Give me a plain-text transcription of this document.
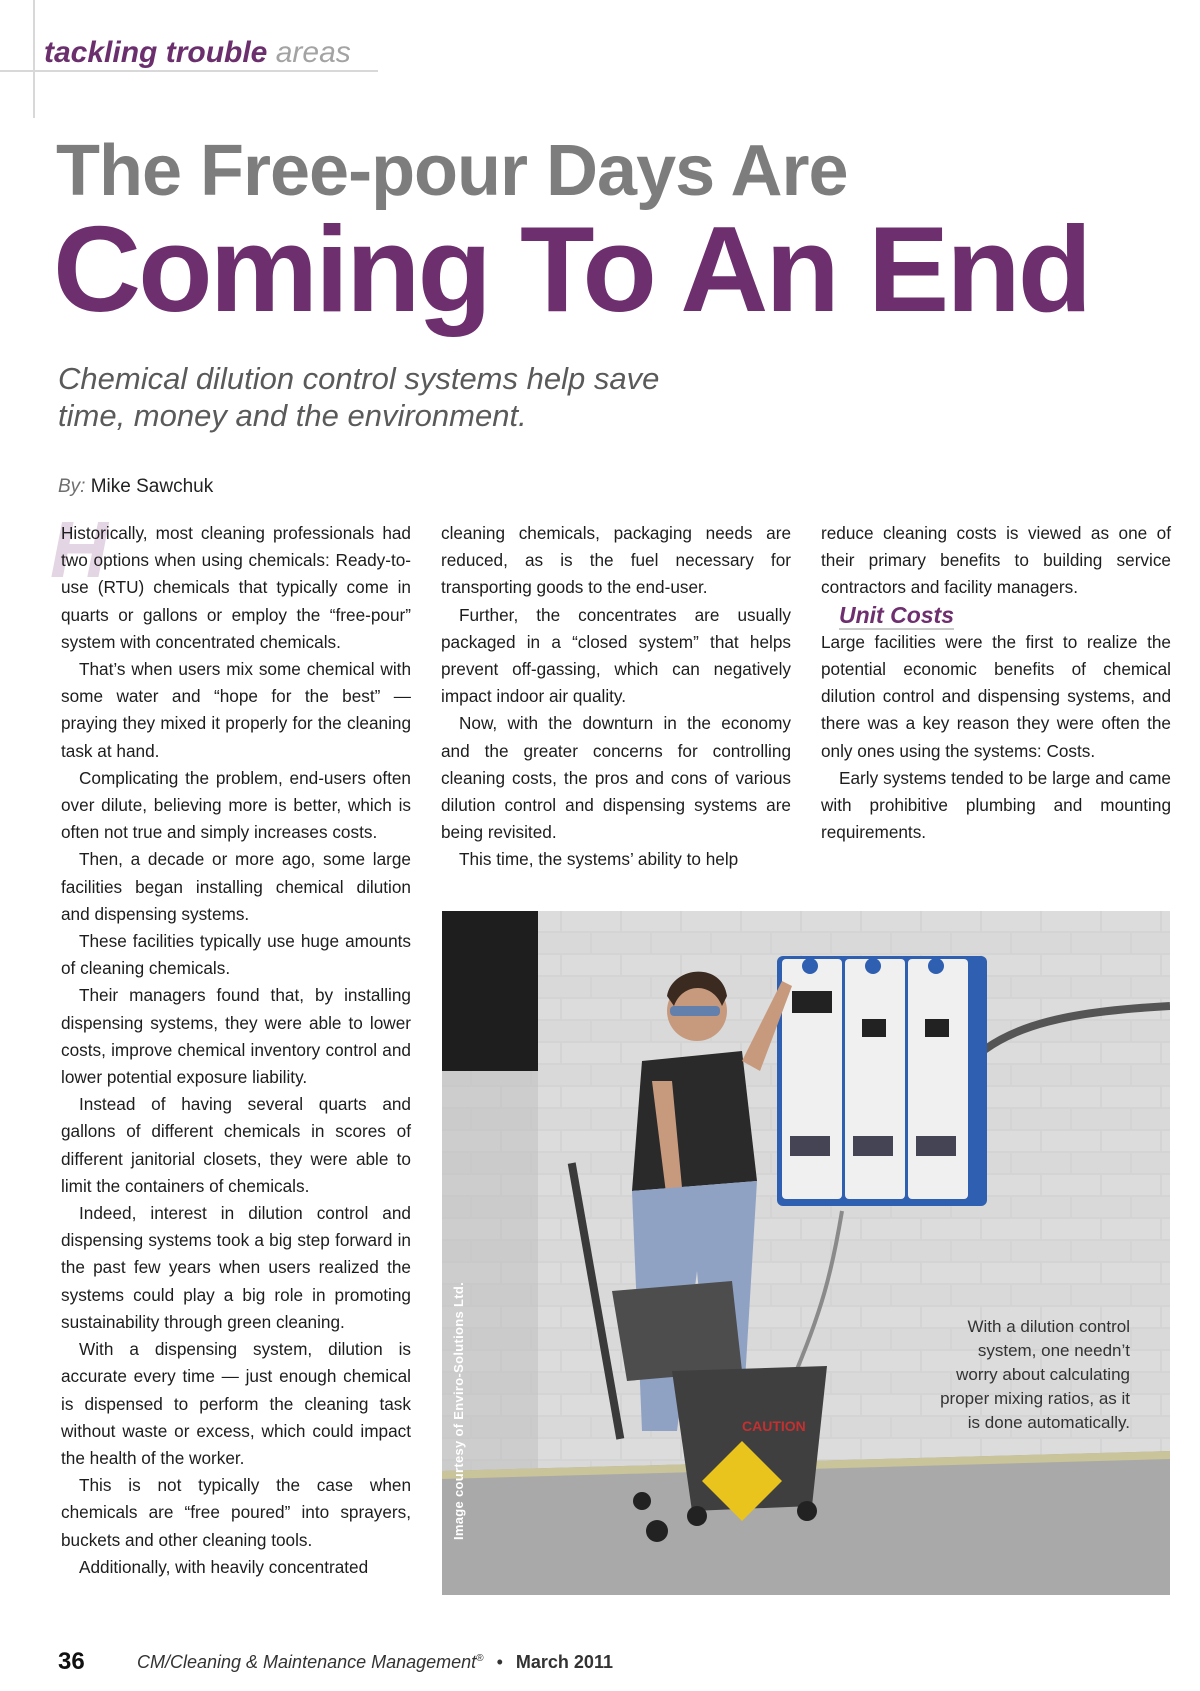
tackling trouble areas
The Free-pour Days Are
Coming To An End
Chemical dilution control systems help save
time, money and the environment.
By: Mike Sawchuk
H

Historically, most cleaning professionals had two options when using chemicals: Ready-to-use (RTU) chemicals that typically come in quarts or gallons or employ the “free-pour” system with concentrated chemicals.

That’s when users mix some chemical with some water and “hope for the best” — praying they mixed it properly for the cleaning task at hand.

Complicating the problem, end-users often over dilute, believing more is better, which is often not true and simply increases costs.

Then, a decade or more ago, some large facilities began installing chemical dilution and dispensing systems.

These facilities typically use huge amounts of cleaning chemicals.

Their managers found that, by installing dispensing systems, they were able to lower costs, improve chemical inventory control and lower potential exposure liability.

Instead of having several quarts and gallons of different chemicals in scores of different janitorial closets, they were able to limit the containers of chemicals.

Indeed, interest in dilution control and dispensing systems took a big step forward in the past few years when users realized the systems could play a big role in promoting sustainability through green cleaning.

With a dispensing system, dilution is accurate every time — just enough chemical is dispensed to perform the cleaning task without waste or excess, which could impact the health of the worker.

This is not typically the case when chemicals are “free poured” into sprayers, buckets and other cleaning tools.

Additionally, with heavily concentrated

cleaning chemicals, packaging needs are reduced, as is the fuel necessary for transporting goods to the end-user.

Further, the concentrates are usually packaged in a “closed system” that helps prevent off-gassing, which can negatively impact indoor air quality.

Now, with the downturn in the economy and the greater concerns for controlling cleaning costs, the pros and cons of various dilution control and dispensing systems are being revisited.

This time, the systems’ ability to help

reduce cleaning costs is viewed as one of their primary benefits to building service contractors and facility managers.

Unit Costs

Large facilities were the first to realize the potential economic benefits of chemical dilution control and dispensing systems, and there was a key reason they were often the only ones using the systems: Costs.

Early systems tended to be large and came with prohibitive plumbing and mounting requirements.

CAUTION
Image courtesy of Enviro-Solutions Ltd.	With a dilution control system, one needn’t worry about calculating proper mixing ratios, as it is done automatically.
36	CM/Cleaning & Maintenance Management® • March 2011
